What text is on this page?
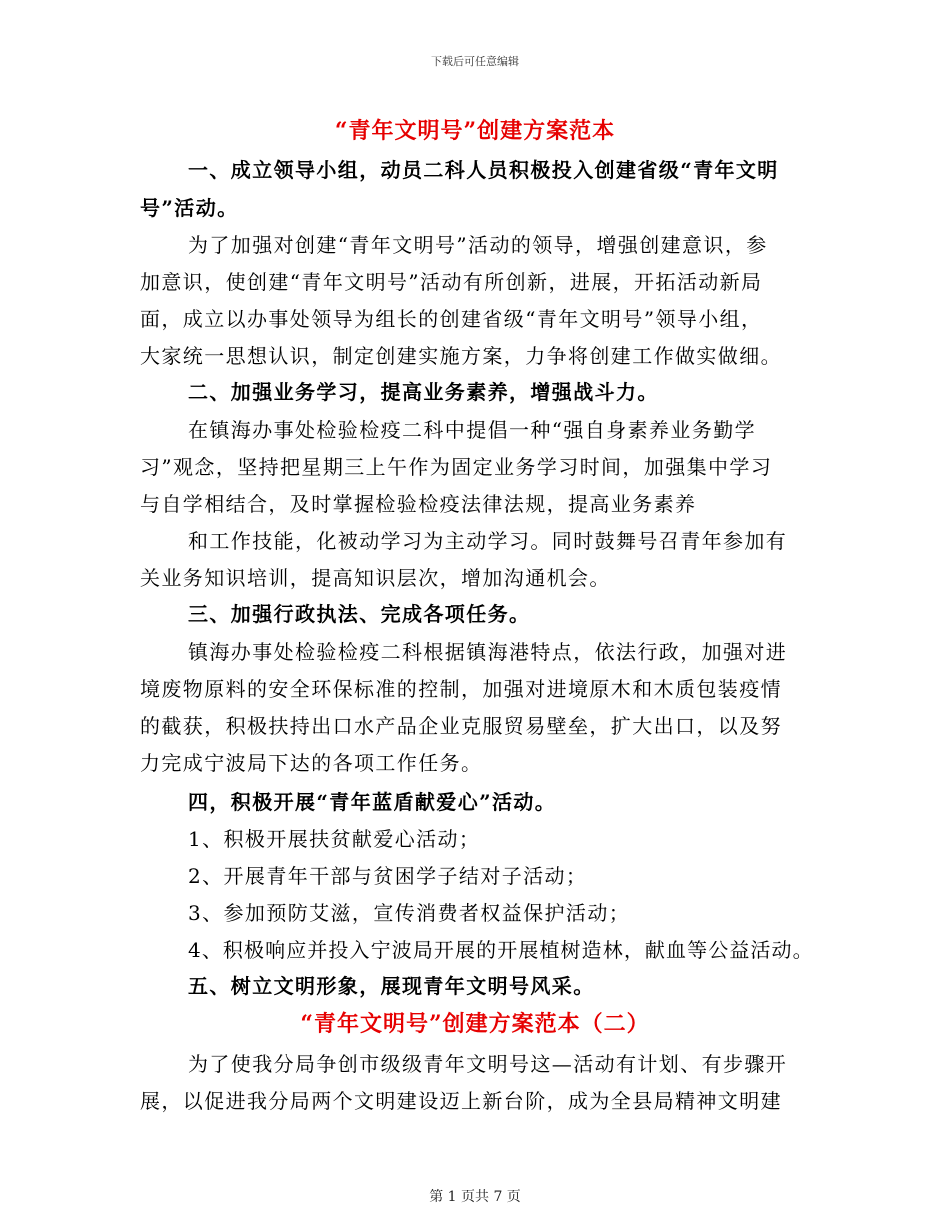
下载后可任意编辑
“青年文明号”创建方案范本
一、成立领导小组，动员二科人员积极投入创建省级“青年文明
号”活动。
为了加强对创建“青年文明号”活动的领导，增强创建意识，参
加意识，使创建“青年文明号”活动有所创新，进展，开拓活动新局
面，成立以办事处领导为组长的创建省级“青年文明号”领导小组，
大家统一思想认识，制定创建实施方案，力争将创建工作做实做细。
二、加强业务学习，提高业务素养，增强战斗力。
在镇海办事处检验检疫二科中提倡一种“强自身素养业务勤学
习”观念，坚持把星期三上午作为固定业务学习时间，加强集中学习
与自学相结合，及时掌握检验检疫法律法规，提高业务素养
和工作技能，化被动学习为主动学习。同时鼓舞号召青年参加有
关业务知识培训，提高知识层次，增加沟通机会。
三、加强行政执法、完成各项任务。
镇海办事处检验检疫二科根据镇海港特点，依法行政，加强对进
境废物原料的安全环保标准的控制，加强对进境原木和木质包装疫情
的截获，积极扶持出口水产品企业克服贸易壁垒，扩大出口，以及努
力完成宁波局下达的各项工作任务。
四，积极开展“青年蓝盾献爱心”活动。
1、积极开展扶贫献爱心活动；
2、开展青年干部与贫困学子结对子活动；
3、参加预防艾滋，宣传消费者权益保护活动；
4、积极响应并投入宁波局开展的开展植树造林，献血等公益活动。
五、树立文明形象，展现青年文明号风采。
“青年文明号”创建方案范本（二）
为了使我分局争创市级级青年文明号这—活动有计划、有步骤开
展，以促进我分局两个文明建设迈上新台阶，成为全县局精神文明建
第 1 页共 7 页
